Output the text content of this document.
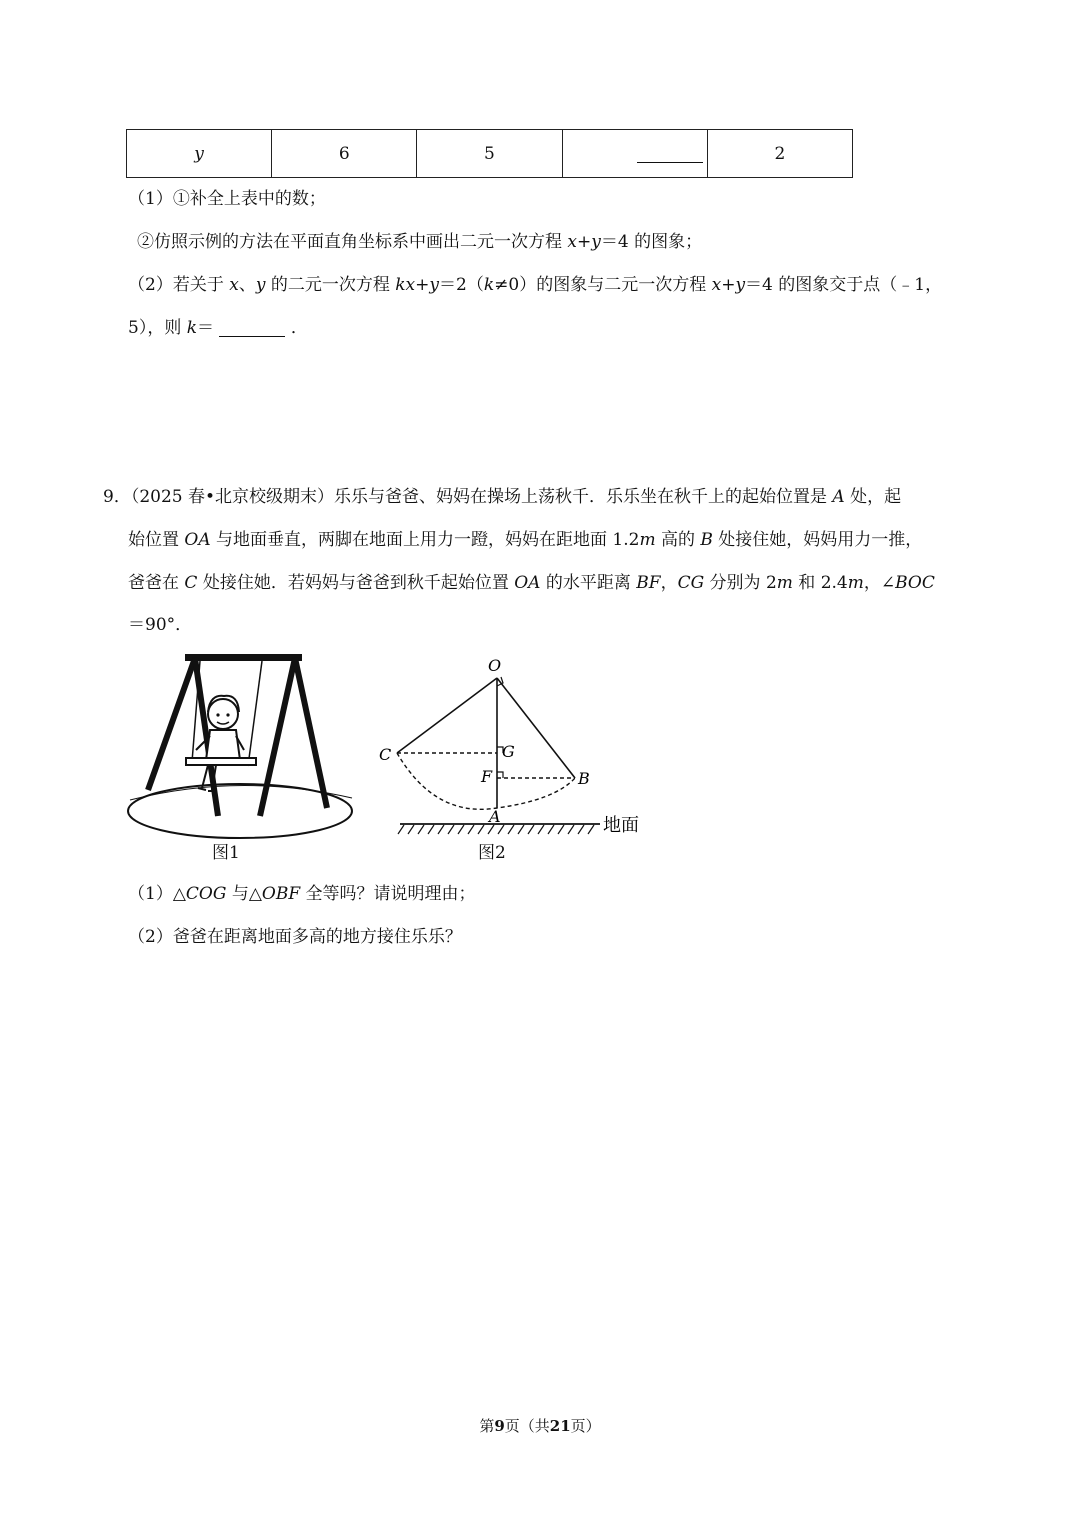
y	6	5		2
（1）①补全上表中的数；
②仿照示例的方法在平面直角坐标系中画出二元一次方程 x+y＝4 的图象；
（2）若关于 x、y 的二元一次方程 kx+y＝2（k≠0）的图象与二元一次方程 x+y＝4 的图象交于点（﹣1，
5），则 k＝	．
9．（2025 春•北京校级期末）乐乐与爸爸、妈妈在操场上荡秋千．乐乐坐在秋千上的起始位置是 A 处，起
始位置 OA 与地面垂直，两脚在地面上用力一蹬，妈妈在距地面 1.2m 高的 B 处接住她，妈妈用力一推，
爸爸在 C 处接住她．若妈妈与爸爸到秋千起始位置 OA 的水平距离 BF，CG 分别为 2m 和 2.4m，∠BOC
＝90°．
图1
O
C	G
F	B
A	地面
图2
（1）△COG 与△OBF 全等吗？请说明理由；
（2）爸爸在距离地面多高的地方接住乐乐？
第9页（共21页）
